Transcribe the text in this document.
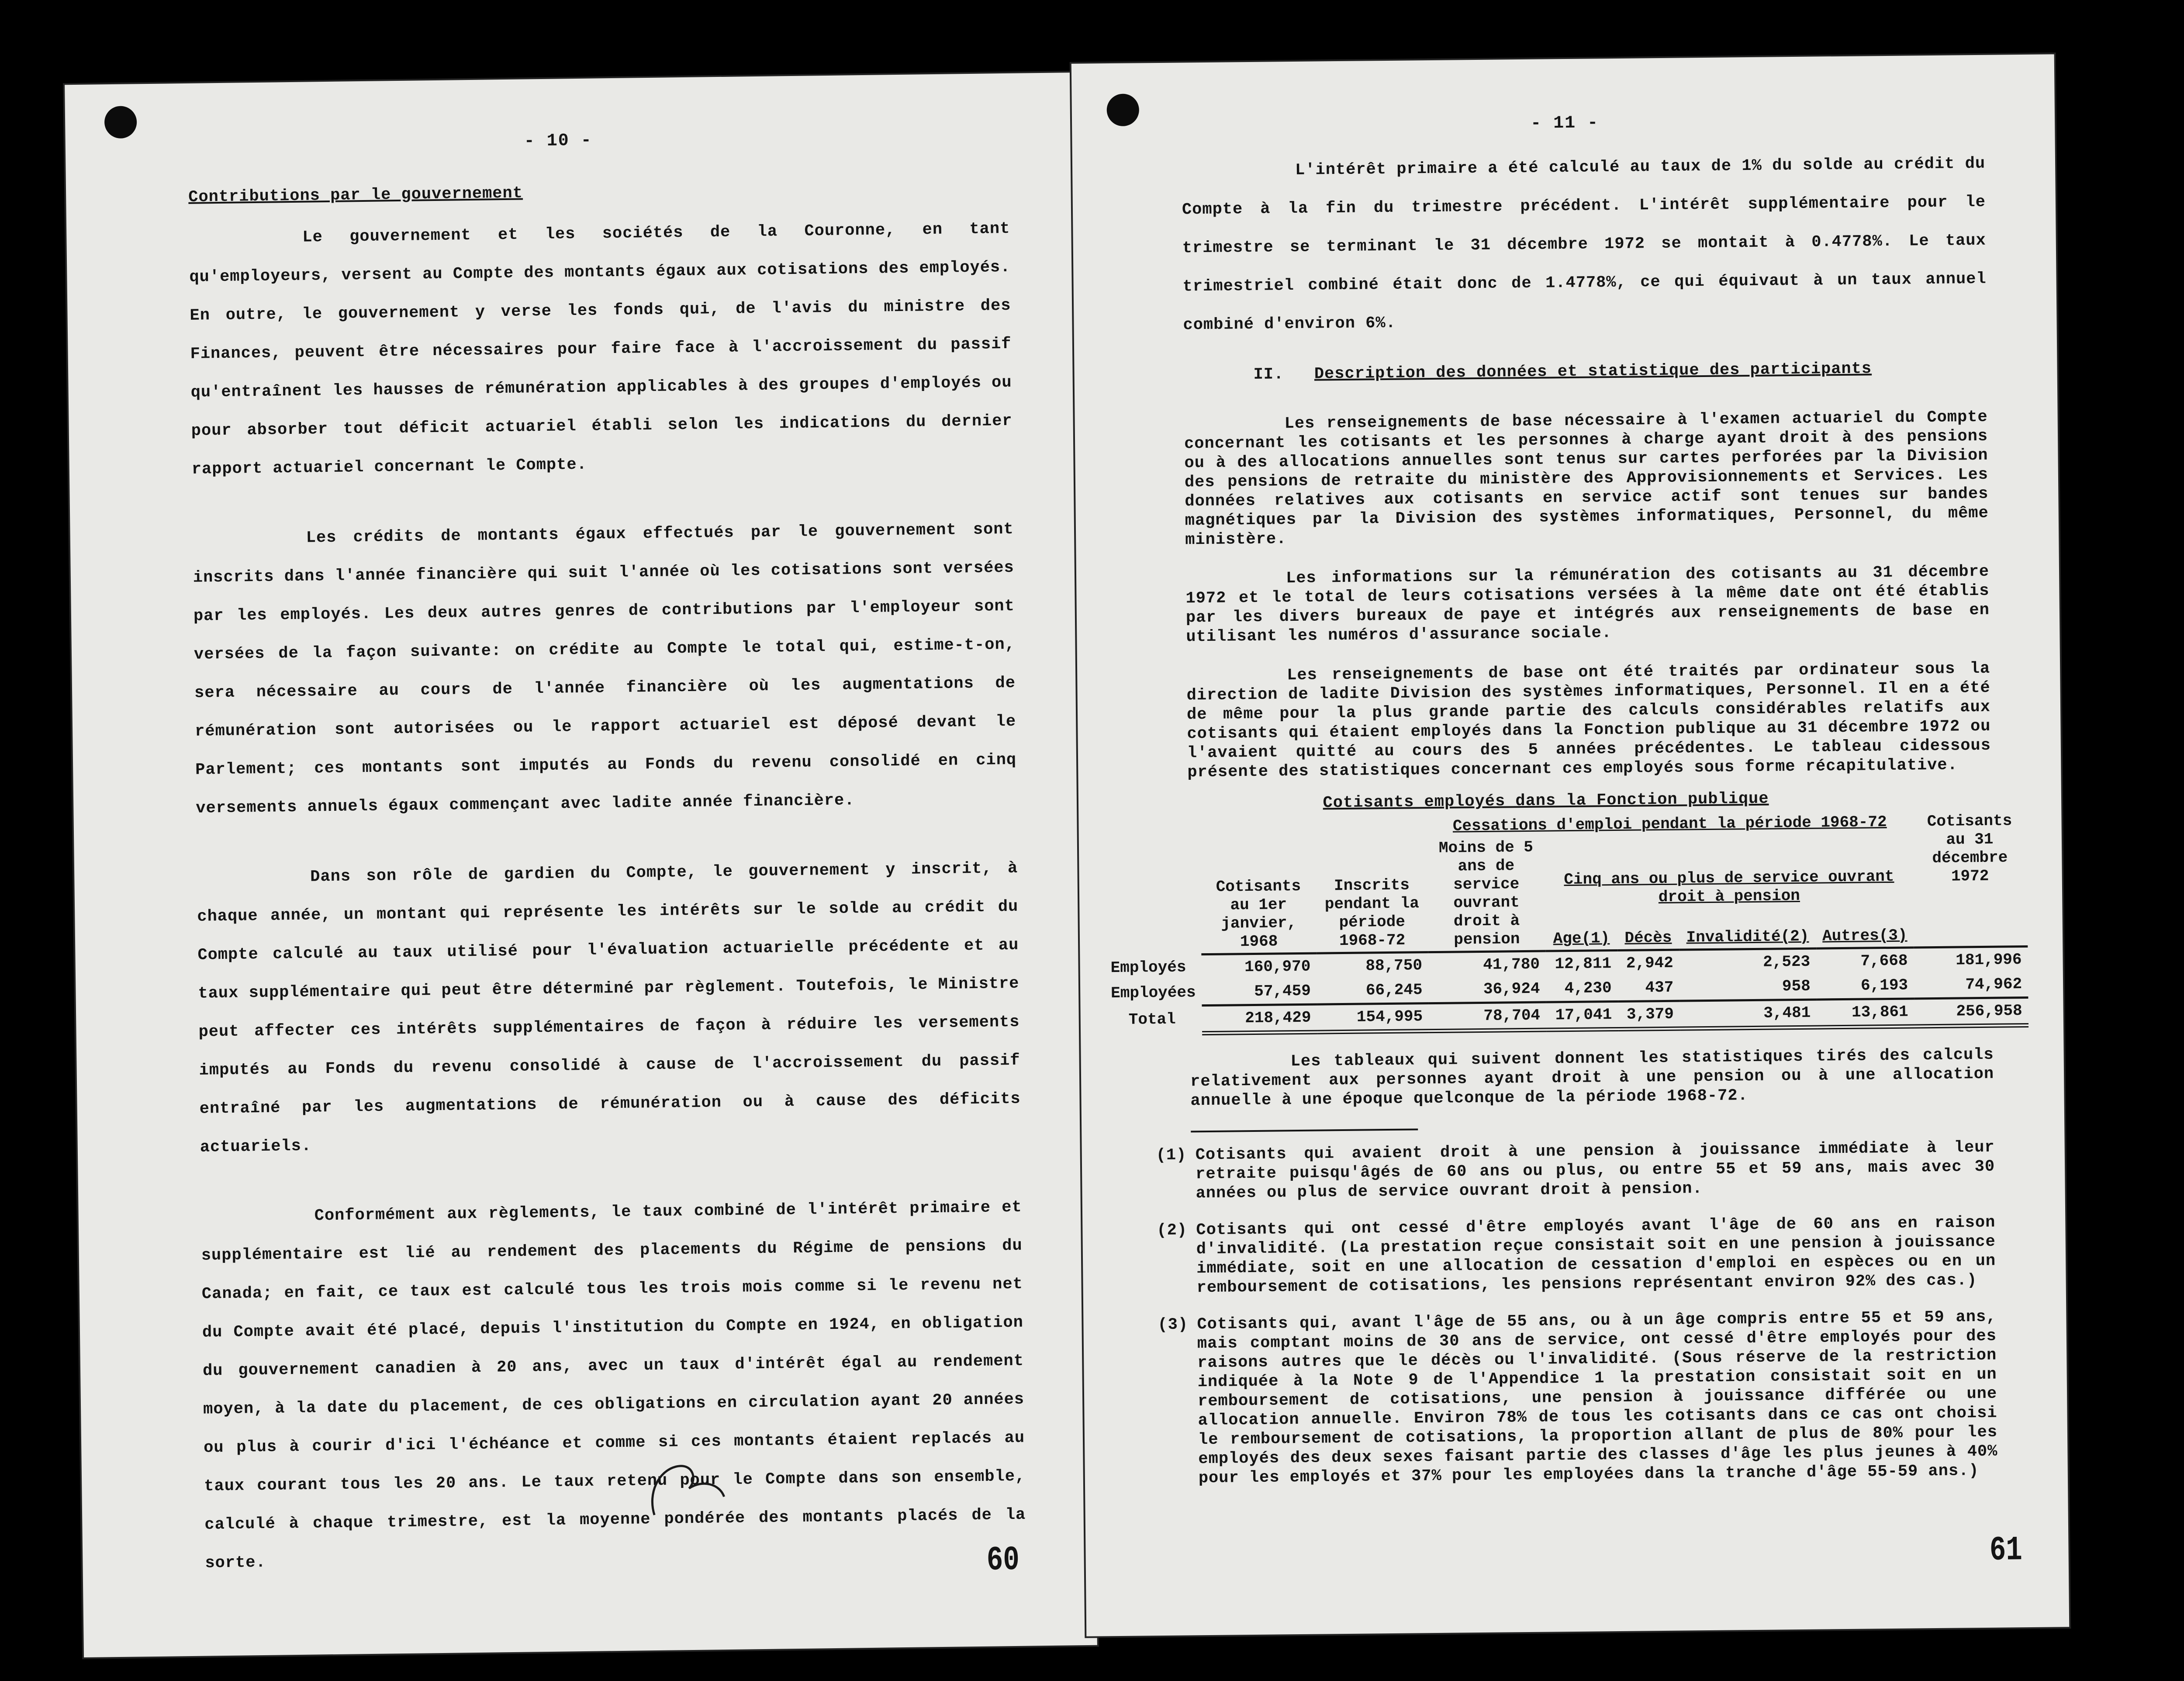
- 10 -
Contributions par le gouvernement

Le gouvernement et les sociétés de la Couronne, en tant qu'employeurs, versent au Compte des montants égaux aux cotisations des employés. En outre, le gouvernement y verse les fonds qui, de l'avis du ministre des Finances, peuvent être nécessaires pour faire face à l'accroissement du passif qu'entraînent les hausses de rémunération applicables à des groupes d'employés ou pour absorber tout déficit actuariel établi selon les indications du dernier rapport actuariel concernant le Compte.

Les crédits de montants égaux effectués par le gouvernement sont inscrits dans l'année financière qui suit l'année où les cotisations sont versées par les employés. Les deux autres genres de contributions par l'employeur sont versées de la façon suivante: on crédite au Compte le total qui, estime-t-on, sera nécessaire au cours de l'année financière où les augmentations de rémunération sont autorisées ou le rapport actuariel est déposé devant le Parlement; ces montants sont imputés au Fonds du revenu consolidé en cinq versements annuels égaux commençant avec ladite année financière.

Dans son rôle de gardien du Compte, le gouvernement y inscrit, à chaque année, un montant qui représente les intérêts sur le solde au crédit du Compte calculé au taux utilisé pour l'évaluation actuarielle précédente et au taux supplémentaire qui peut être déterminé par règlement. Toutefois, le Ministre peut affecter ces intérêts supplémentaires de façon à réduire les versements imputés au Fonds du revenu consolidé à cause de l'accroissement du passif entraîné par les augmentations de rémunération ou à cause des déficits actuariels.

Conformément aux règlements, le taux combiné de l'intérêt primaire et supplémentaire est lié au rendement des placements du Régime de pensions du Canada; en fait, ce taux est calculé tous les trois mois comme si le revenu net du Compte avait été placé, depuis l'institution du Compte en 1924, en obligation du gouvernement canadien à 20 ans, avec un taux d'intérêt égal au rendement moyen, à la date du placement, de ces obligations en circulation ayant 20 années ou plus à courir d'ici l'échéance et comme si ces montants étaient replacés au taux courant tous les 20 ans. Le taux retenu pour le Compte dans son ensemble, calculé à chaque trimestre, est la moyenne pondérée des montants placés de la sorte.	60
- 11 -

L'intérêt primaire a été calculé au taux de 1% du solde au crédit du Compte à la fin du trimestre précédent. L'intérêt supplémentaire pour le trimestre se terminant le 31 décembre 1972 se montait à 0.4778%. Le taux trimestriel combiné était donc de 1.4778%, ce qui équivaut à un taux annuel combiné d'environ 6%.

II. Description des données et statistique des participants

Les renseignements de base nécessaire à l'examen actuariel du Compte concernant les cotisants et les personnes à charge ayant droit à des pensions ou à des allocations annuelles sont tenus sur cartes perforées par la Division des pensions de retraite du ministère des Approvisionnements et Services. Les données relatives aux cotisants en service actif sont tenues sur bandes magnétiques par la Division des systèmes informatiques, Personnel, du même ministère.

Les informations sur la rémunération des cotisants au 31 décembre 1972 et le total de leurs cotisations versées à la même date ont été établis par les divers bureaux de paye et intégrés aux renseignements de base en utilisant les numéros d'assurance sociale.

Les renseignements de base ont été traités par ordinateur sous la direction de ladite Division des systèmes informatiques, Personnel. Il en a été de même pour la plus grande partie des calculs considérables relatifs aux cotisants qui étaient employés dans la Fonction publique au 31 décembre 1972 ou l'avaient quitté au cours des 5 années précédentes. Le tableau cidessous présente des statistiques concernant ces employés sous forme récapitulative.

Cotisants employés dans la Fonction publique
	Cotisants au 1er janvier, 1968	Inscrits pendant la période 1968-72	Cessations d'emploi pendant la période 1968-72					Cotisants au 31 décembre 1972
			Moins de 5 ans de service ouvrant droit à pension	Cinq ans ou plus de service ouvrant droit à pension				
				Age(1)	Décès	Invalidité(2)	Autres(3)	
Employés	160,970	88,750	41,780	12,811	2,942	2,523	7,668	181,996
Employées	57,459	66,245	36,924	4,230	437	958	6,193	74,962
Total	218,429	154,995	78,704	17,041	3,379	3,481	13,861	256,958

Les tableaux qui suivent donnent les statistiques tirés des calculs relativement aux personnes ayant droit à une pension ou à une allocation annuelle à une époque quelconque de la période 1968-72.

(1) Cotisants qui avaient droit à une pension à jouissance immédiate à leur retraite puisqu'âgés de 60 ans ou plus, ou entre 55 et 59 ans, mais avec 30 années ou plus de service ouvrant droit à pension.
(2) Cotisants qui ont cessé d'être employés avant l'âge de 60 ans en raison d'invalidité. (La prestation reçue consistait soit en une pension à jouissance immédiate, soit en une allocation de cessation d'emploi en espèces ou en un remboursement de cotisations, les pensions représentant environ 92% des cas.)
(3) Cotisants qui, avant l'âge de 55 ans, ou à un âge compris entre 55 et 59 ans, mais comptant moins de 30 ans de service, ont cessé d'être employés pour des raisons autres que le décès ou l'invalidité. (Sous réserve de la restriction indiquée à la Note 9 de l'Appendice 1 la prestation consistait soit en un remboursement de cotisations, une pension à jouissance différée ou une allocation annuelle. Environ 78% de tous les cotisants dans ce cas ont choisi le remboursement de cotisations, la proportion allant de plus de 80% pour les employés des deux sexes faisant partie des classes d'âge les plus jeunes à 40% pour les employés et 37% pour les employées dans la tranche d'âge 55-59 ans.)
61
